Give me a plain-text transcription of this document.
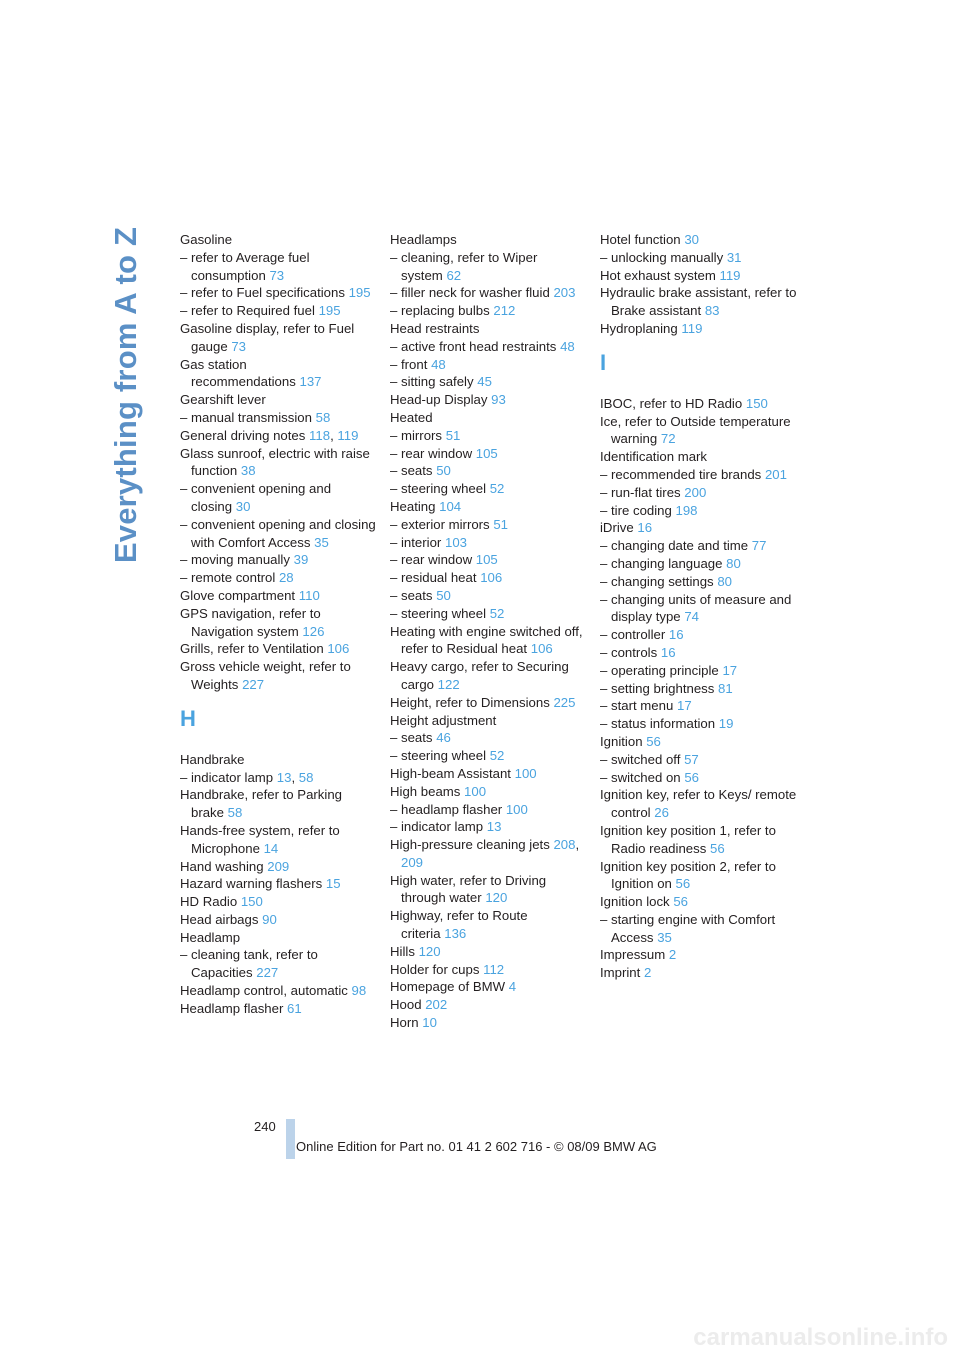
Everything from A to Z	Gasoline

– refer to Average fuel consumption 73

– refer to Fuel specifications 195

– refer to Required fuel 195

Gasoline display, refer to Fuel gauge 73

Gas station recommendations 137

Gearshift lever

– manual transmission 58

General driving notes 118, 119

Glass sunroof, electric with raise function 38

– convenient opening and closing 30

– convenient opening and closing with Comfort Access 35

– moving manually 39

– remote control 28

Glove compartment 110

GPS navigation, refer to Navigation system 126

Grills, refer to Ventilation 106

Gross vehicle weight, refer to Weights 227

H

Handbrake

– indicator lamp 13, 58

Handbrake, refer to Parking brake 58

Hands-free system, refer to Microphone 14

Hand washing 209

Hazard warning flashers 15

HD Radio 150

Head airbags 90

Headlamp

– cleaning tank, refer to Capacities 227

Headlamp control, automatic 98

Headlamp flasher 61

Headlamps

– cleaning, refer to Wiper system 62

– filler neck for washer fluid 203

– replacing bulbs 212

Head restraints

– active front head restraints 48

– front 48

– sitting safely 45

Head-up Display 93

Heated

– mirrors 51

– rear window 105

– seats 50

– steering wheel 52

Heating 104

– exterior mirrors 51

– interior 103

– rear window 105

– residual heat 106

– seats 50

– steering wheel 52

Heating with engine switched off, refer to Residual heat 106

Heavy cargo, refer to Securing cargo 122

Height, refer to Dimensions 225

Height adjustment

– seats 46

– steering wheel 52

High-beam Assistant 100

High beams 100

– headlamp flasher 100

– indicator lamp 13

High-pressure cleaning jets 208, 209

High water, refer to Driving through water 120

Highway, refer to Route criteria 136

Hills 120

Holder for cups 112

Homepage of BMW 4

Hood 202

Horn 10

Hotel function 30

– unlocking manually 31

Hot exhaust system 119

Hydraulic brake assistant, refer to Brake assistant 83

Hydroplaning 119

I

IBOC, refer to HD Radio 150

Ice, refer to Outside temperature warning 72

Identification mark

– recommended tire brands 201

– run-flat tires 200

– tire coding 198

iDrive 16

– changing date and time 77

– changing language 80

– changing settings 80

– changing units of measure and display type 74

– controller 16

– controls 16

– operating principle 17

– setting brightness 81

– start menu 17

– status information 19

Ignition 56

– switched off 57

– switched on 56

Ignition key, refer to Keys/ remote control 26

Ignition key position 1, refer to Radio readiness 56

Ignition key position 2, refer to Ignition on 56

Ignition lock 56

– starting engine with Comfort Access 35

Impressum 2

Imprint 2

240
Online Edition for Part no. 01 41 2 602 716 - © 08/09 BMW AG
carmanualsonline.info
